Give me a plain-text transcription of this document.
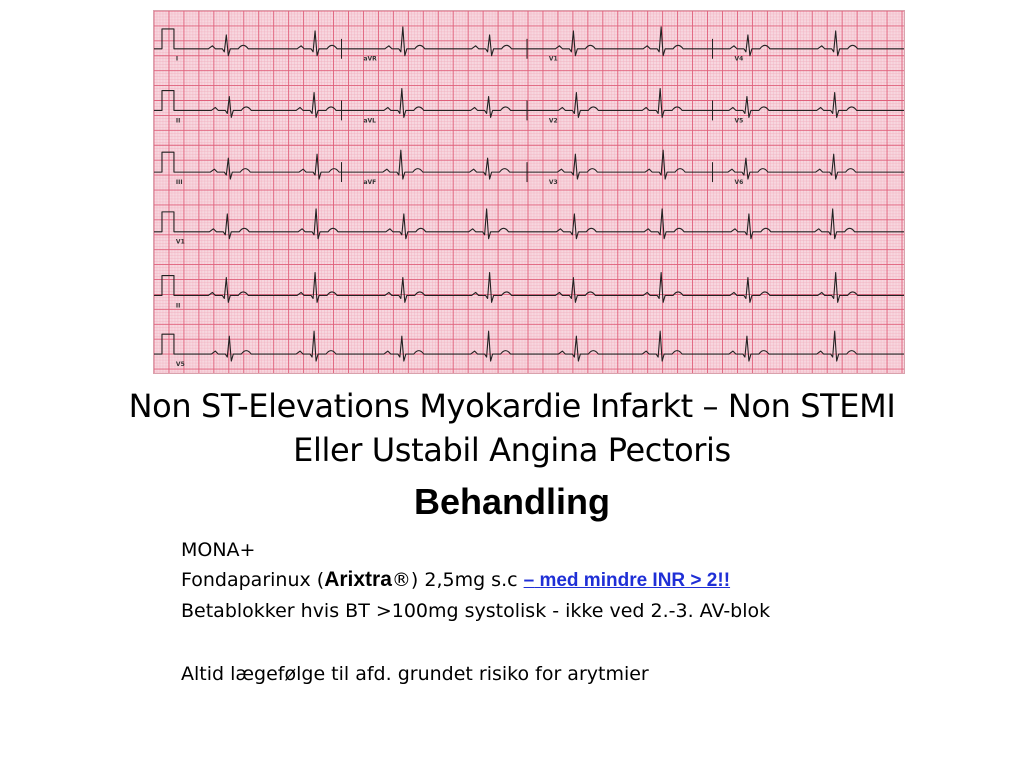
I	aVR	V1	V4
II	aVL	V2	V5
III	aVF	V3	V6
V1
II
V5
Non ST-Elevations Myokardie Infarkt – Non STEMI
Eller Ustabil Angina Pectoris
Behandling
MONA+
Fondaparinux (Arixtra®) 2,5mg s.c – med mindre INR > 2!!
Betablokker hvis BT >100mg systolisk - ikke ved 2.-3. AV-blok
Altid lægefølge til afd. grundet risiko for arytmier
